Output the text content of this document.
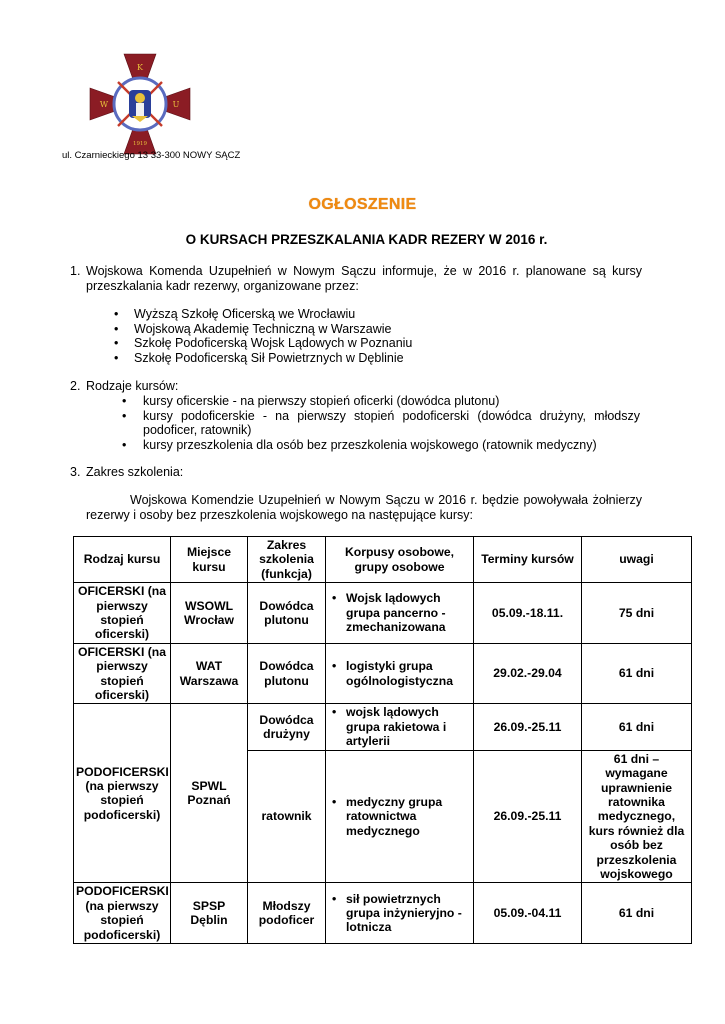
K
W	U
1919
ul. Czarnieckiego 13 33-300 NOWY SĄCZ
OGŁOSZENIE
O KURSACH PRZESZKALANIA KADR REZERY W 2016 r.
1. Wojskowa Komenda Uzupełnień w Nowym Sączu informuje, że w 2016 r. planowane są kursy przeszkalania kadr rezerwy, organizowane przez:
• Wyższą Szkołę Oficerską we Wrocławiu
• Wojskową Akademię Techniczną w Warszawie
• Szkołę Podoficerską Wojsk Lądowych w Poznaniu
• Szkołę Podoficerską Sił Powietrznych w Dęblinie
2. Rodzaje kursów:
• kursy oficerskie - na pierwszy stopień oficerki (dowódca plutonu)
• kursy podoficerskie - na pierwszy stopień podoficerski (dowódca drużyny, młodszy podoficer, ratownik)
• kursy przeszkolenia dla osób bez przeszkolenia wojskowego (ratownik medyczny)
3. Zakres szkolenia:
Wojskowa Komendzie Uzupełnień w Nowym Sączu w 2016 r. będzie powoływała żołnierzy rezerwy i osoby bez przeszkolenia wojskowego na następujące kursy:
Rodzaj kursu	Miejsce kursu	Zakres szkolenia (funkcja)	Korpusy osobowe, grupy osobowe	Terminy kursów	uwagi
OFICERSKI (na pierwszy stopień oficerski)	WSOWL Wrocław	Dowódca plutonu	• Wojsk lądowych grupa pancerno - zmechanizowana	05.09.-18.11.	75 dni
OFICERSKI (na pierwszy stopień oficerski)	WAT Warszawa	Dowódca plutonu	• logistyki grupa ogólnologistyczna	29.02.-29.04	61 dni
PODOFICERSKI (na pierwszy stopień podoficerski)	SPWL Poznań	Dowódca drużyny	• wojsk lądowych grupa rakietowa i artylerii	26.09.-25.11	61 dni
		ratownik	• medyczny grupa ratownictwa medycznego	26.09.-25.11	61 dni – wymagane uprawnienie ratownika medycznego, kurs również dla osób bez przeszkolenia wojskowego
PODOFICERSKI (na pierwszy stopień podoficerski)	SPSP Dęblin	Młodszy podoficer	• sił powietrznych grupa inżynieryjno - lotnicza	05.09.-04.11	61 dni
